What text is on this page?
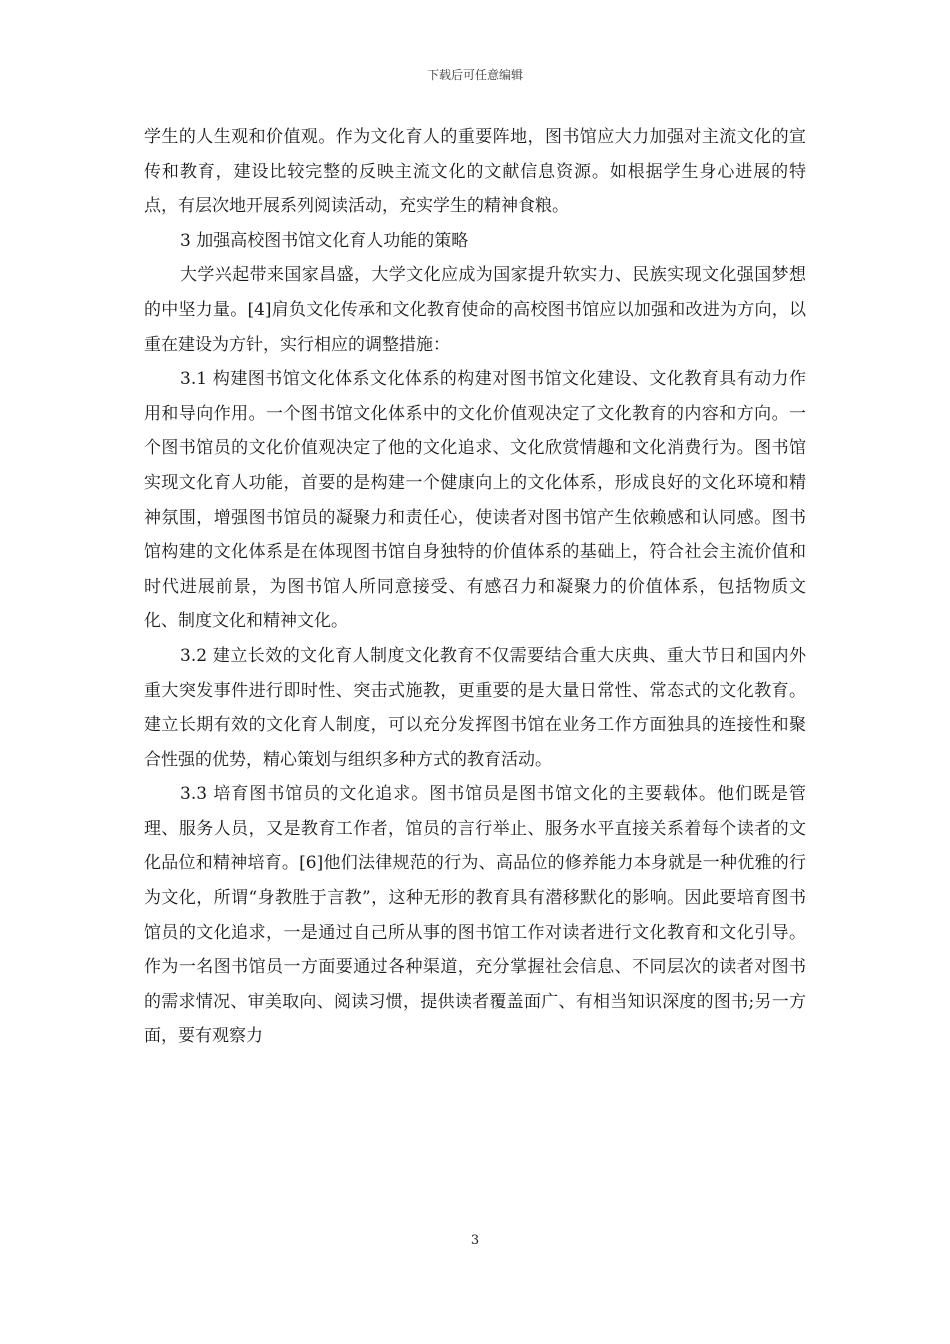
下载后可任意编辑

学生的人生观和价值观。作为文化育人的重要阵地，图书馆应大力加强对主流文化的宣传和教育，建设比较完整的反映主流文化的文献信息资源。如根据学生身心进展的特点，有层次地开展系列阅读活动，充实学生的精神食粮。

3 加强高校图书馆文化育人功能的策略

大学兴起带来国家昌盛，大学文化应成为国家提升软实力、民族实现文化强国梦想的中坚力量。[4]肩负文化传承和文化教育使命的高校图书馆应以加强和改进为方向，以重在建设为方针，实行相应的调整措施：

3.1 构建图书馆文化体系文化体系的构建对图书馆文化建设、文化教育具有动力作用和导向作用。一个图书馆文化体系中的文化价值观决定了文化教育的内容和方向。一个图书馆员的文化价值观决定了他的文化追求、文化欣赏情趣和文化消费行为。图书馆实现文化育人功能，首要的是构建一个健康向上的文化体系，形成良好的文化环境和精神氛围，增强图书馆员的凝聚力和责任心，使读者对图书馆产生依赖感和认同感。图书馆构建的文化体系是在体现图书馆自身独特的价值体系的基础上，符合社会主流价值和时代进展前景，为图书馆人所同意接受、有感召力和凝聚力的价值体系，包括物质文化、制度文化和精神文化。

3.2 建立长效的文化育人制度文化教育不仅需要结合重大庆典、重大节日和国内外重大突发事件进行即时性、突击式施教，更重要的是大量日常性、常态式的文化教育。建立长期有效的文化育人制度，可以充分发挥图书馆在业务工作方面独具的连接性和聚合性强的优势，精心策划与组织多种方式的教育活动。

3.3 培育图书馆员的文化追求。图书馆员是图书馆文化的主要载体。他们既是管理、服务人员，又是教育工作者，馆员的言行举止、服务水平直接关系着每个读者的文化品位和精神培育。[6]他们法律规范的行为、高品位的修养能力本身就是一种优雅的行为文化，所谓“身教胜于言教”，这种无形的教育具有潜移默化的影响。因此要培育图书馆员的文化追求，一是通过自己所从事的图书馆工作对读者进行文化教育和文化引导。作为一名图书馆员一方面要通过各种渠道，充分掌握社会信息、不同层次的读者对图书的需求情况、审美取向、阅读习惯，提供读者覆盖面广、有相当知识深度的图书;另一方面，要有观察力

3
